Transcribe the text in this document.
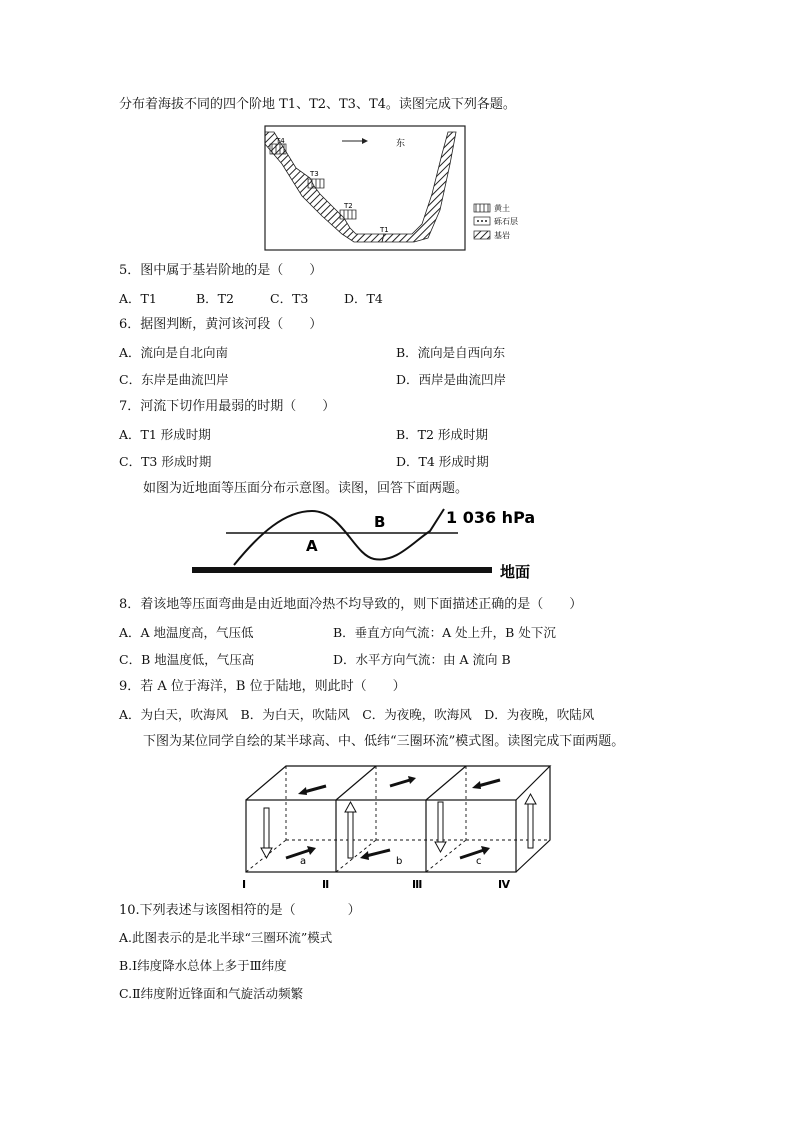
分布着海拔不同的四个阶地 T1、T2、T3、T4。读图完成下列各题。
T4
T3
T2
T1
东
黄土
砾石层
基岩
5．图中属于基岩阶地的是（　　）
A．T1	B．T2	C．T3	D．T4
6．据图判断，黄河该河段（　　）
A．流向是自北向南	B．流向是自西向东
C．东岸是曲流凹岸	D．西岸是曲流凹岸
7．河流下切作用最弱的时期（　　）
A．T1 形成时期	B．T2 形成时期
C．T3 形成时期	D．T4 形成时期
如图为近地面等压面分布示意图。读图，回答下面两题。
A
B	1 036 hPa
地面
8．着该地等压面弯曲是由近地面冷热不均导致的，则下面描述正确的是（　　）
A．A 地温度高，气压低	B．垂直方向气流：A 处上升，B 处下沉
C．B 地温度低，气压高	D．水平方向气流：由 A 流向 B
9．若 A 位于海洋，B 位于陆地，则此时（　　）
A．为白天，吹海风　B．为白天，吹陆风　C．为夜晚，吹海风　D．为夜晚，吹陆风
下图为某位同学自绘的某半球高、中、低纬“三圈环流”模式图。读图完成下面两题。
a	b	c
Ⅰ	Ⅱ	Ⅲ	Ⅳ
10.下列表述与该图相符的是（　　　　）
A.此图表示的是北半球“三圈环流”模式
B.Ⅰ纬度降水总体上多于Ⅲ纬度
C.Ⅱ纬度附近锋面和气旋活动频繁
